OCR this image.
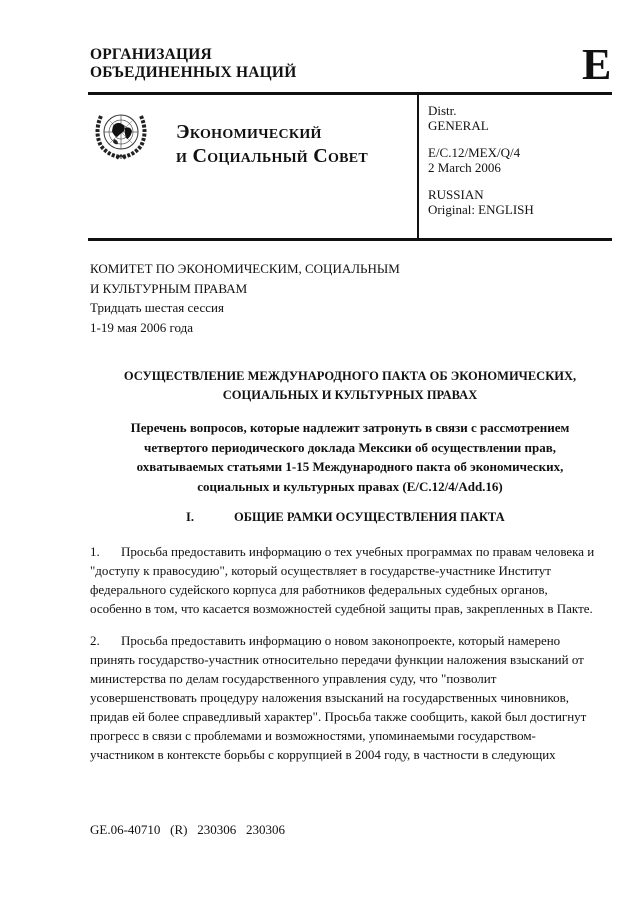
ОРГАНИЗАЦИЯ
ОБЪЕДИНЕННЫХ НАЦИЙ	E
Экономический
и Социальный Совет
Distr.
GENERAL
E/C.12/MEX/Q/4
2 March 2006
RUSSIAN
Original: ENGLISH
КОМИТЕТ ПО ЭКОНОМИЧЕСКИМ, СОЦИАЛЬНЫМ
И КУЛЬТУРНЫМ ПРАВАМ
Тридцать шестая сессия
1-19 мая 2006 года
ОСУЩЕСТВЛЕНИЕ МЕЖДУНАРОДНОГО ПАКТА ОБ ЭКОНОМИЧЕСКИХ,
СОЦИАЛЬНЫХ И КУЛЬТУРНЫХ ПРАВАХ
Перечень вопросов, которые надлежит затронуть в связи с рассмотрением
четвертого периодического доклада Мексики об осуществлении прав,
охватываемых статьями 1-15 Международного пакта об экономических,
социальных и культурных правах (E/C.12/4/Add.16)
I.	ОБЩИЕ РАМКИ ОСУЩЕСТВЛЕНИЯ ПАКТА
1. Просьба предоставить информацию о тех учебных программах по правам человека и
"доступу к правосудию", который осуществляет в государстве-участнике Институт
федерального судейского корпуса для работников федеральных судебных органов,
особенно в том, что касается возможностей судебной защиты прав, закрепленных в Пакте.
2. Просьба предоставить информацию о новом законопроекте, который намерено
принять государство-участник относительно передачи функции наложения взысканий от
министерства по делам государственного управления суду, что "позволит
усовершенствовать процедуру наложения взысканий на государственных чиновников,
придав ей более справедливый характер". Просьба также сообщить, какой был достигнут
прогресс в связи с проблемами и возможностями, упоминаемыми государством-
участником в контексте борьбы с коррупцией в 2004 году, в частности в следующих
GE.06-40710   (R)   230306   230306
